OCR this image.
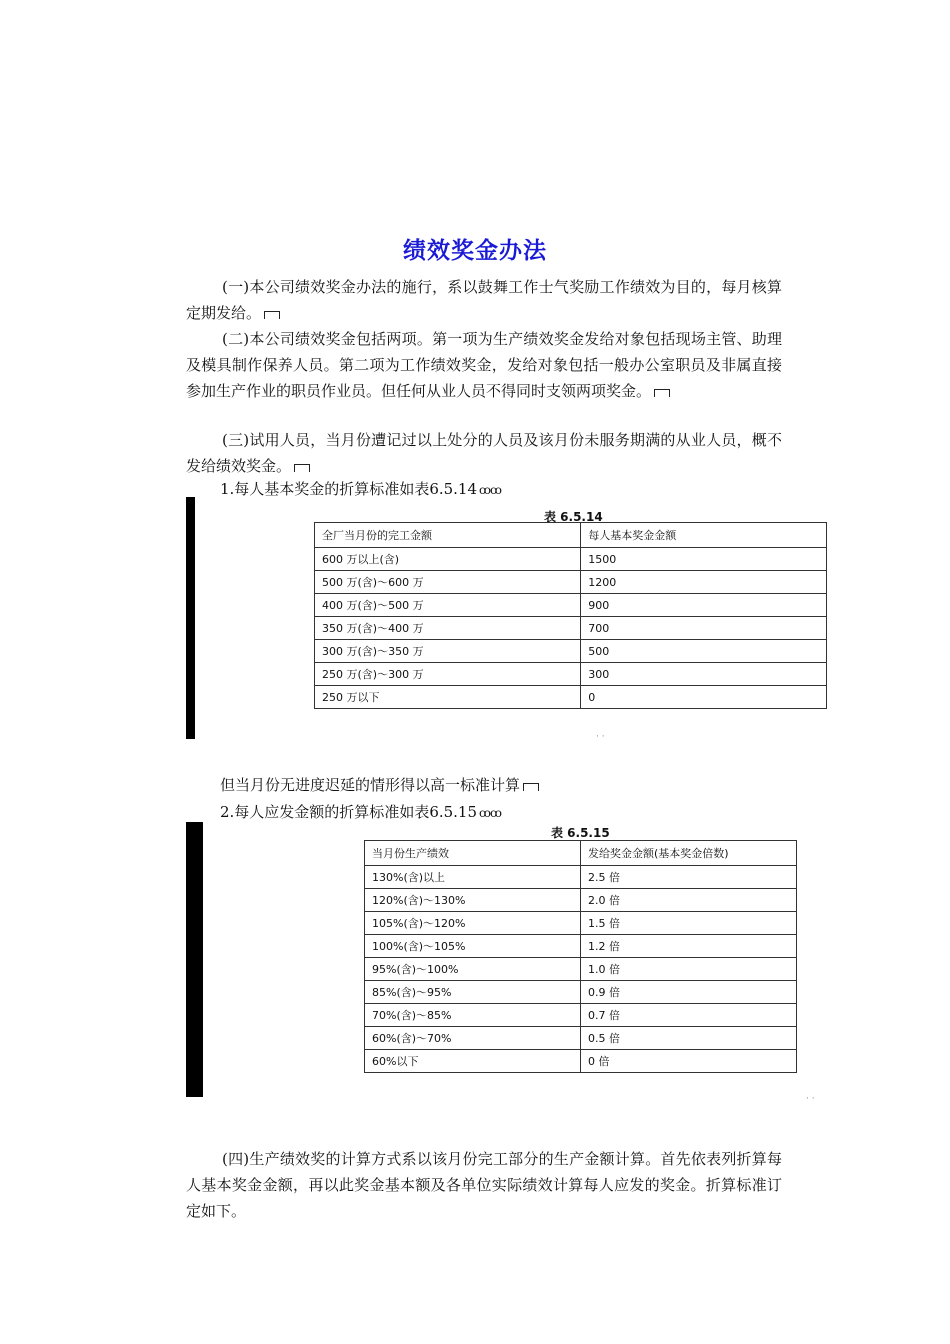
绩效奖金办法

(一)本公司绩效奖金办法的施行，系以鼓舞工作士气奖励工作绩效为目的，每月核算定期发给。

(二)本公司绩效奖金包括两项。第一项为生产绩效奖金发给对象包括现场主管、助理及模具制作保养人员。第二项为工作绩效奖金，发给对象包括一般办公室职员及非属直接参加生产作业的职员作业员。但任何从业人员不得同时支领两项奖金。

(三)试用人员，当月份遭记过以上处分的人员及该月份未服务期满的从业人员，概不发给绩效奖金。

1.每人基本奖金的折算标准如表6.5.14 ꝏꝏ

表 6.5.14
全厂当月份的完工金额	每人基本奖金金额
600 万以上(含)	1500
500 万(含)～600 万	1200
400 万(含)～500 万	900
350 万(含)～400 万	700
300 万(含)～350 万	500
250 万(含)～300 万	300
250 万以下	0
· ·

但当月份无进度迟延的情形得以高一标准计算

2.每人应发金额的折算标准如表6.5.15 ꝏꝏ

表 6.5.15
当月份生产绩效	发给奖金金额(基本奖金倍数)
130%(含)以上	2.5 倍
120%(含)～130%	2.0 倍
105%(含)～120%	1.5 倍
100%(含)～105%	1.2 倍
95%(含)～100%	1.0 倍
85%(含)～95%	0.9 倍
70%(含)～85%	0.7 倍
60%(含)～70%	0.5 倍
60%以下	0 倍
· ·

(四)生产绩效奖的计算方式系以该月份完工部分的生产金额计算。首先依表列折算每人基本奖金金额，再以此奖金基本额及各单位实际绩效计算每人应发的奖金。折算标准订定如下。
